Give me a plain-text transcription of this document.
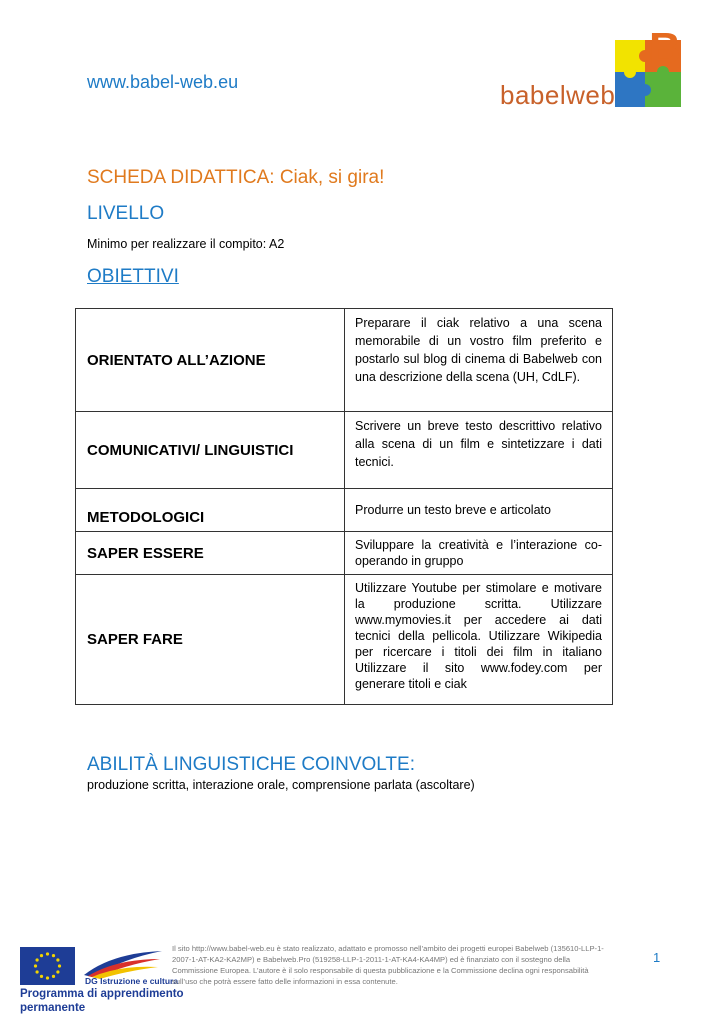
www.babel-web.eu
B
babelweb
SCHEDA DIDATTICA: Ciak, si gira!
LIVELLO
Minimo per realizzare il compito: A2
OBIETTIVI
ORIENTATO ALL’AZIONE	Preparare il ciak relativo a una scena memorabile di un vostro film preferito e postarlo sul blog di cinema di Babelweb con una descrizione della scena (UH, CdLF).
COMUNICATIVI/ LINGUISTICI	Scrivere un breve testo descrittivo relativo alla scena di un film e sintetizzare i dati tecnici.
METODOLOGICI	Produrre un testo breve e articolato
SAPER ESSERE	Sviluppare la creatività e l’interazione co-operando in gruppo
SAPER FARE	Utilizzare Youtube per stimolare e motivare la produzione scritta. Utilizzare www.mymovies.it per accedere ai dati tecnici della pellicola. Utilizzare Wikipedia per ricercare i titoli dei film in italiano Utilizzare il sito www.fodey.com per generare titoli e ciak
ABILITÀ LINGUISTICHE COINVOLTE:
produzione scritta, interazione orale, comprensione parlata (ascoltare)
DG Istruzione e cultura
Programma di apprendimento
permanente
Il sito http://www.babel-web.eu è stato realizzato, adattato e promosso nell’ambito dei progetti europei Babelweb (135610-LLP-1-2007-1-AT-KA2-KA2MP) e Babelweb.Pro (519258-LLP-1-2011-1-AT-KA4-KA4MP) ed è finanziato con il sostegno della Commissione Europea. L’autore è il solo responsabile di questa pubblicazione e la Commissione declina ogni responsabilità sull’uso che potrà essere fatto delle informazioni in essa contenute.
1
